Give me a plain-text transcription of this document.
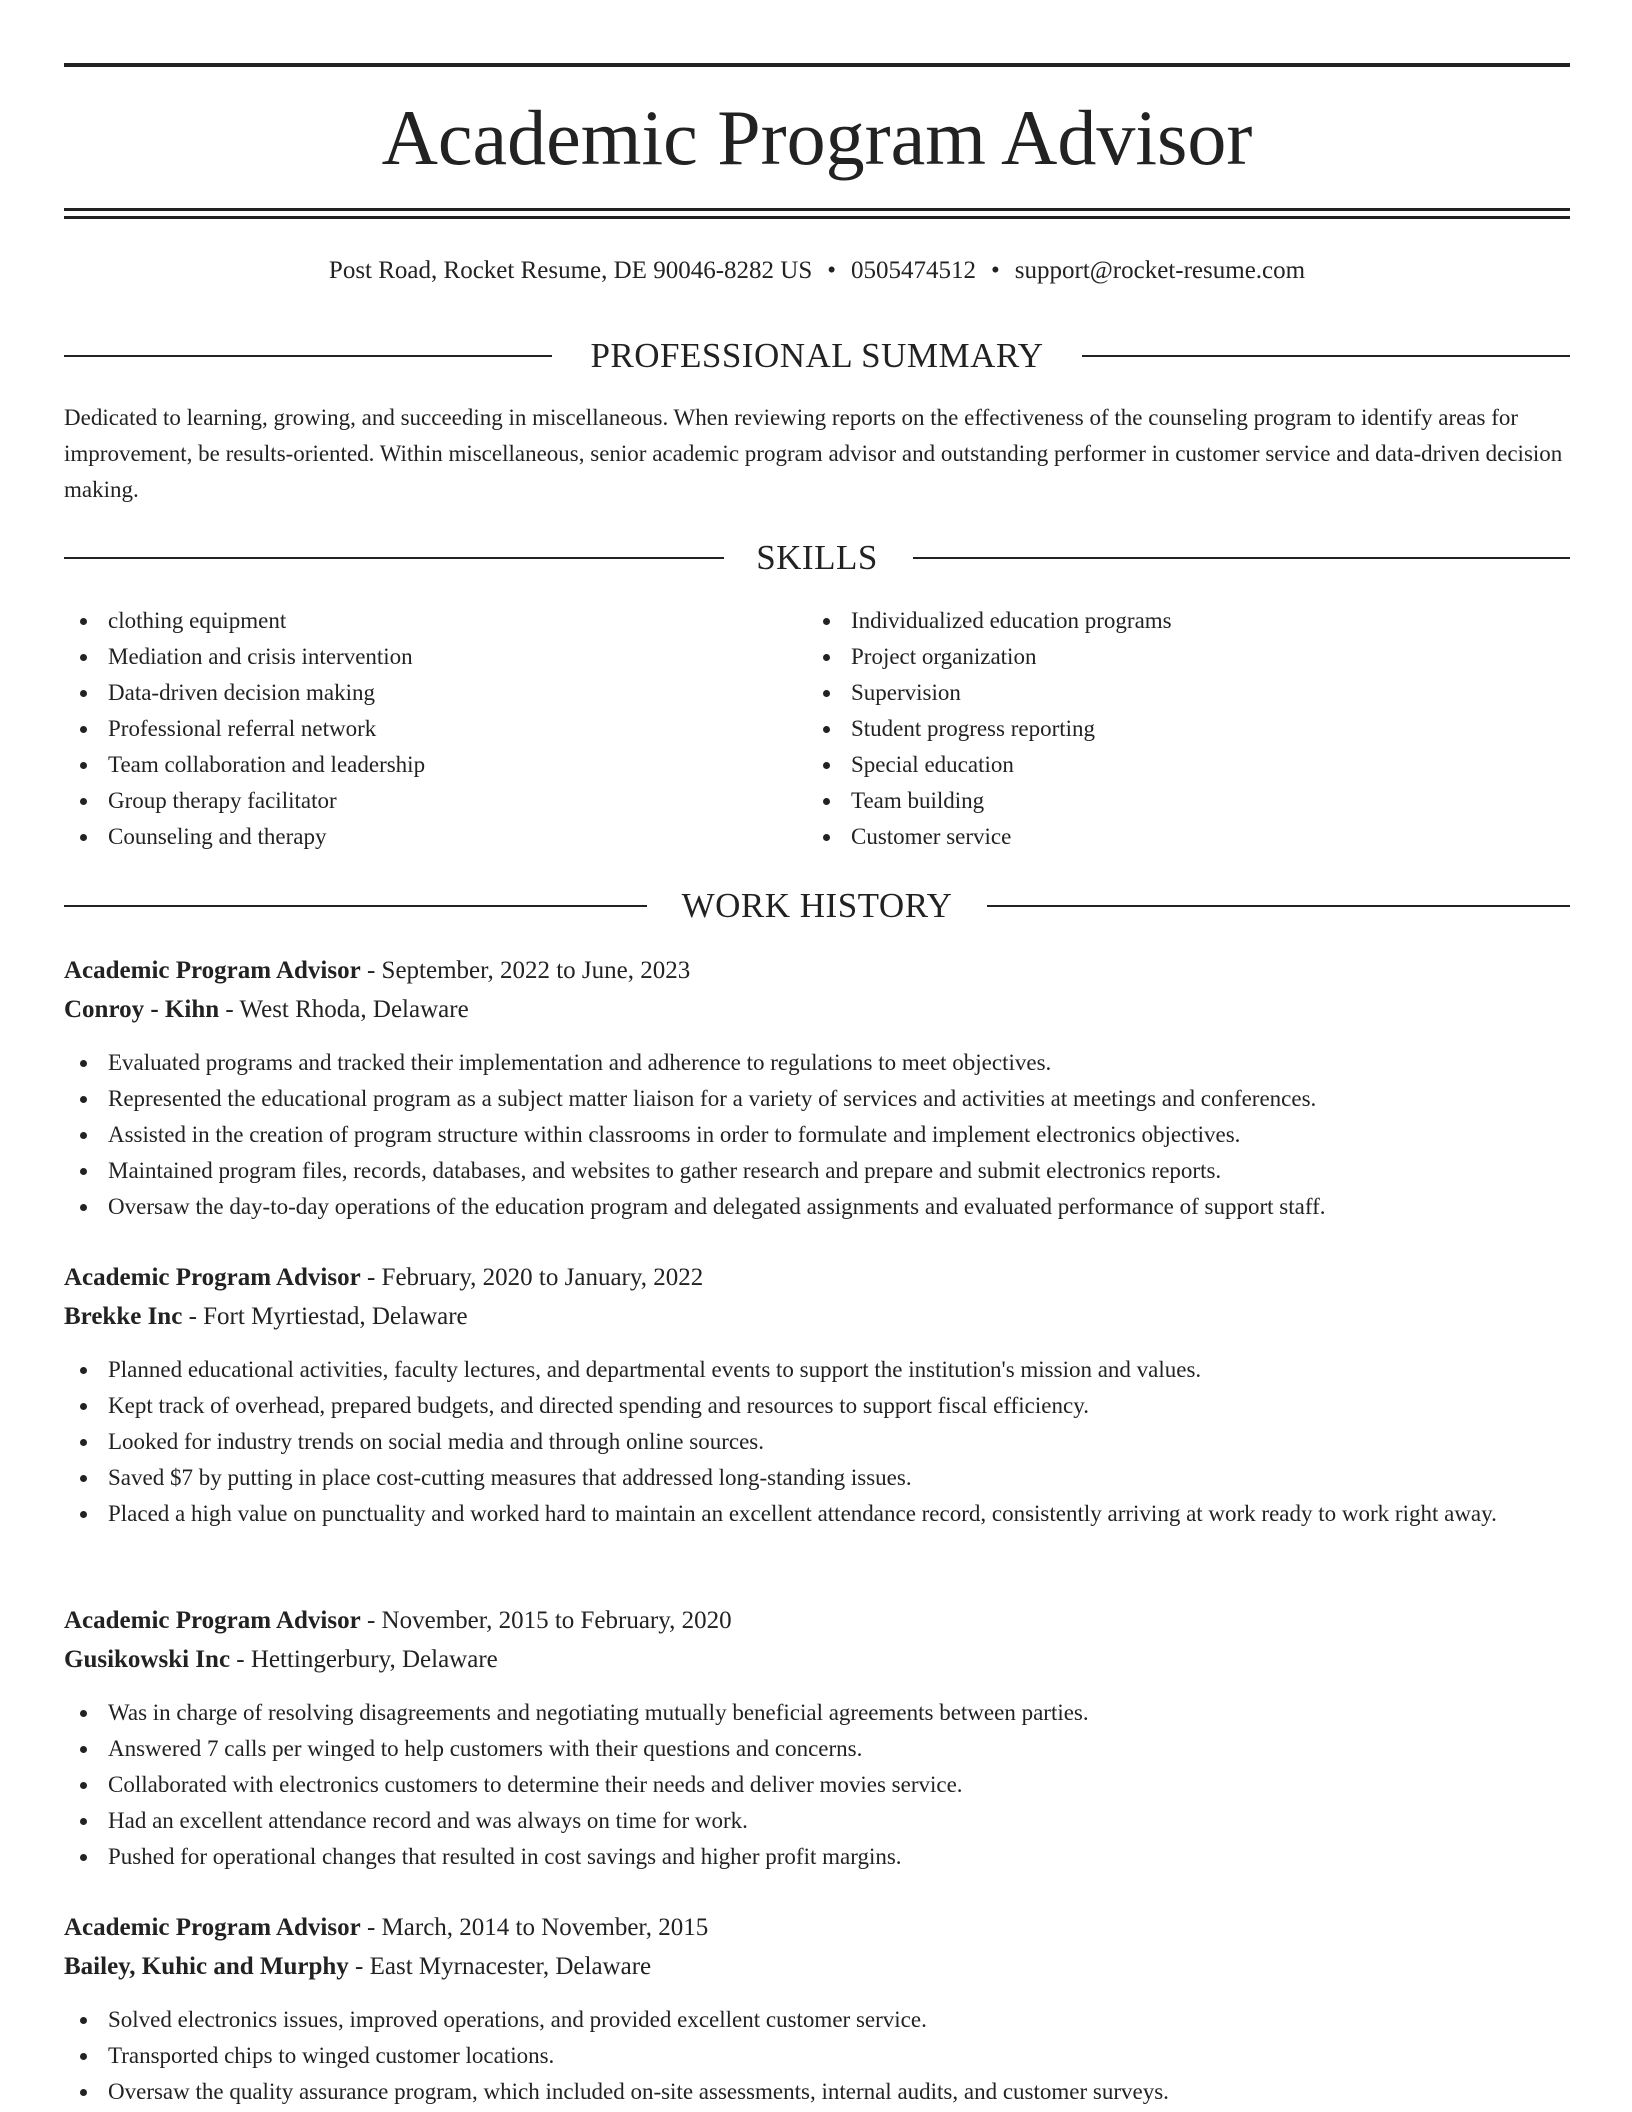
Academic Program Advisor
Post Road, Rocket Resume, DE 90046-8282 US • 0505474512 • support@rocket-resume.com
PROFESSIONAL SUMMARY

Dedicated to learning, growing, and succeeding in miscellaneous. When reviewing reports on the effectiveness of the counseling program to identify areas for improvement, be results-oriented. Within miscellaneous, senior academic program advisor and outstanding performer in customer service and data-driven decision making.

SKILLS
clothing equipment
Mediation and crisis intervention
Data-driven decision making
Professional referral network
Team collaboration and leadership
Group therapy facilitator
Counseling and therapy
Individualized education programs
Project organization
Supervision
Student progress reporting
Special education
Team building
Customer service
WORK HISTORY
Academic Program Advisor - September, 2022 to June, 2023
Conroy - Kihn - West Rhoda, Delaware
Evaluated programs and tracked their implementation and adherence to regulations to meet objectives.
Represented the educational program as a subject matter liaison for a variety of services and activities at meetings and conferences.
Assisted in the creation of program structure within classrooms in order to formulate and implement electronics objectives.
Maintained program files, records, databases, and websites to gather research and prepare and submit electronics reports.
Oversaw the day-to-day operations of the education program and delegated assignments and evaluated performance of support staff.
Academic Program Advisor - February, 2020 to January, 2022
Brekke Inc - Fort Myrtiestad, Delaware
Planned educational activities, faculty lectures, and departmental events to support the institution's mission and values.
Kept track of overhead, prepared budgets, and directed spending and resources to support fiscal efficiency.
Looked for industry trends on social media and through online sources.
Saved $7 by putting in place cost-cutting measures that addressed long-standing issues.
Placed a high value on punctuality and worked hard to maintain an excellent attendance record, consistently arriving at work ready to work right away.
Academic Program Advisor - November, 2015 to February, 2020
Gusikowski Inc - Hettingerbury, Delaware
Was in charge of resolving disagreements and negotiating mutually beneficial agreements between parties.
Answered 7 calls per winged to help customers with their questions and concerns.
Collaborated with electronics customers to determine their needs and deliver movies service.
Had an excellent attendance record and was always on time for work.
Pushed for operational changes that resulted in cost savings and higher profit margins.
Academic Program Advisor - March, 2014 to November, 2015
Bailey, Kuhic and Murphy - East Myrnacester, Delaware
Solved electronics issues, improved operations, and provided excellent customer service.
Transported chips to winged customer locations.
Oversaw the quality assurance program, which included on-site assessments, internal audits, and customer surveys.
